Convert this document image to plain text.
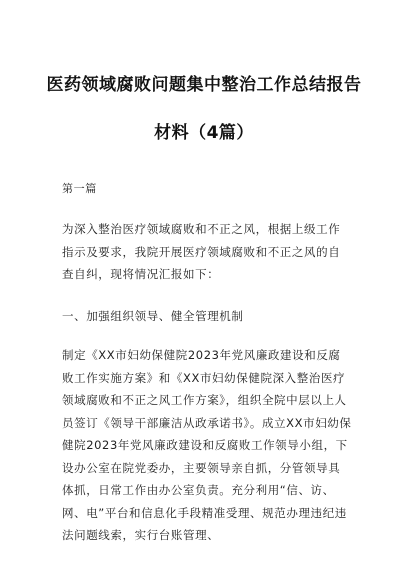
医药领域腐败问题集中整治工作总结报告
材料（4篇）
第一篇
为深入整治医疗领域腐败和不正之风，根据上级工作指示及要求，我院开展医疗领域腐败和不正之风的自查自纠，现将情况汇报如下：
一、加强组织领导、健全管理机制
制定《XX市妇幼保健院2023年党风廉政建设和反腐败工作实施方案》和《XX市妇幼保健院深入整治医疗领域腐败和不正之风工作方案》，组织全院中层以上人员签订《领导干部廉洁从政承诺书》。成立XX市妇幼保健院2023年党风廉政建设和反腐败工作领导小组，下设办公室在院党委办，主要领导亲自抓，分管领导具体抓，日常工作由办公室负责。充分利用“信、访、网、电”平台和信息化手段精准受理、规范办理违纪违法问题线索，实行台账管理、
